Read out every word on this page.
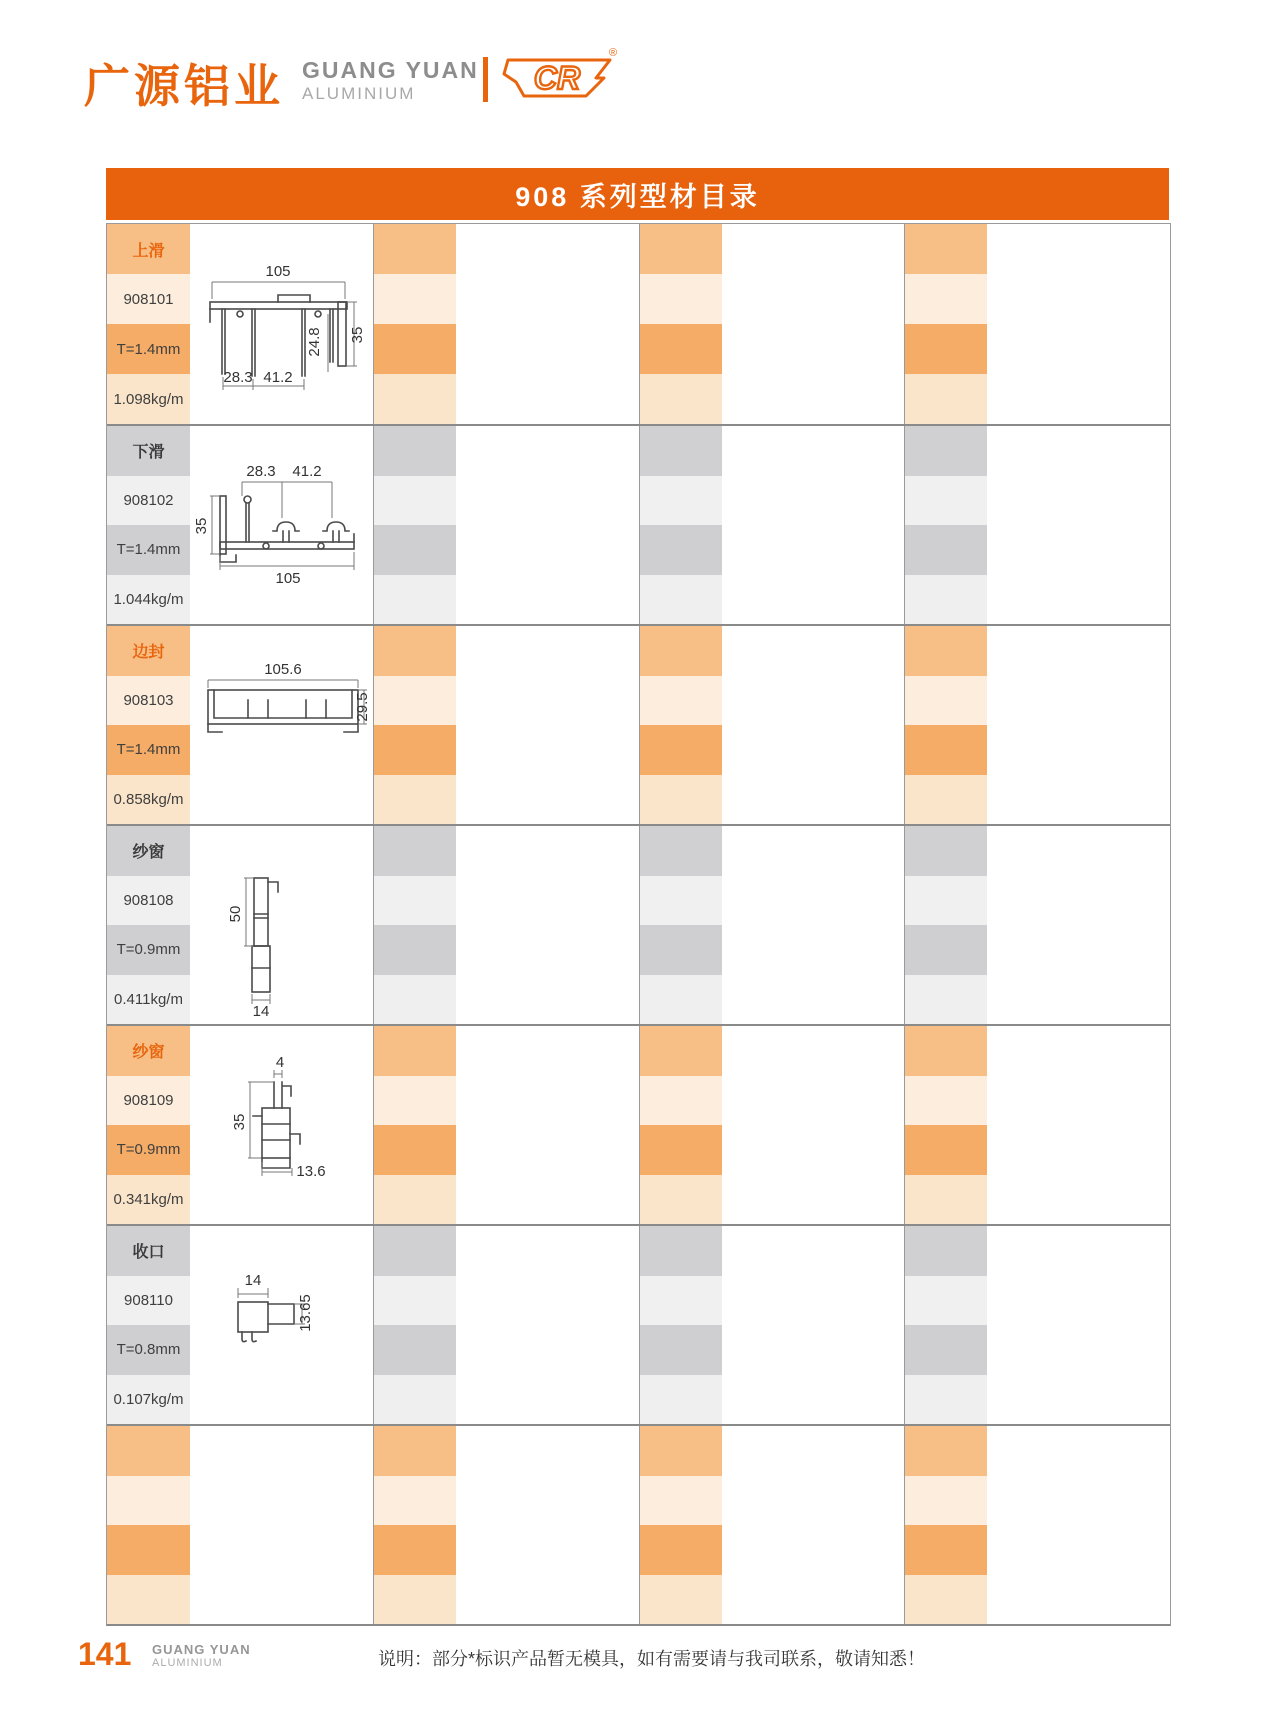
广源铝业 GUANG YUAN
ALUMINIUM	CR
®
908 系列型材目录
上滑
908101
T=1.4mm
1.098kg/m
105
28.3 41.2
24.8 35
下滑
908102
T=1.4mm
1.044kg/m
28.3 41.2
35
105
边封
908103
T=1.4mm
0.858kg/m
105.6
29.5
纱窗
908108
T=0.9mm
0.411kg/m
50
14
纱窗
908109
T=0.9mm
0.341kg/m
4
35
13.6
收口
908110
T=0.8mm
0.107kg/m
14
13.65
141 GUANG YUAN
ALUMINIUM	说明：部分*标识产品暂无模具，如有需要请与我司联系，敬请知悉！
